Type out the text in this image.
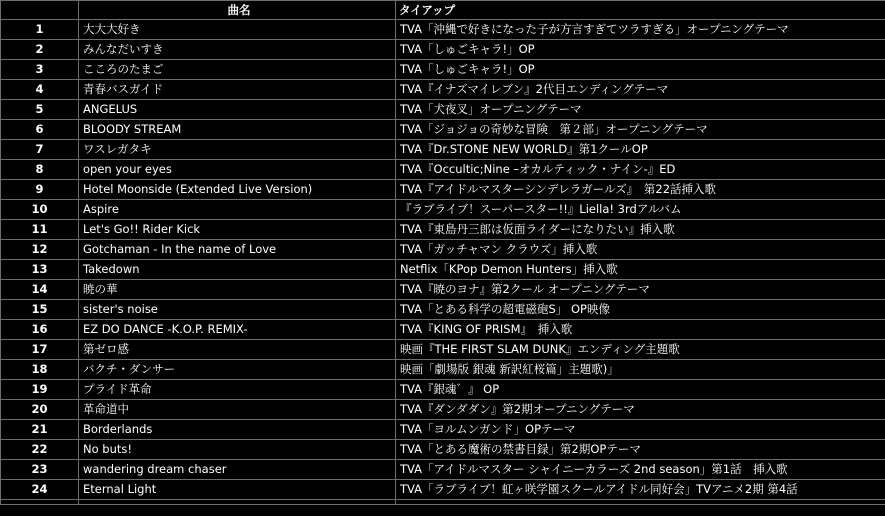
	曲名	タイアップ
1	大大大好き	TVA「沖縄で好きになった子が方言すぎてツラすぎる」オープニングテーマ
2	みんなだいすき	TVA「しゅごキャラ!」OP
3	こころのたまご	TVA「しゅごキャラ!」OP
4	青春バスガイド	TVA『イナズマイレブン』2代目エンディングテーマ
5	ANGELUS	TVA「犬夜叉」オープニングテーマ
6	BLOODY STREAM	TVA「ジョジョの奇妙な冒険　第２部」オープニングテーマ
7	ワスレガタキ	TVA『Dr.STONE NEW WORLD』第1クールOP
8	open your eyes	TVA『Occultic;Nine –オカルティック・ナイン-』ED
9	Hotel Moonside (Extended Live Version)	TVA『アイドルマスターシンデレラガールズ』　第22話挿入歌
10	Aspire	『ラブライブ！スーパースター!!』Liella! 3rdアルバム
11	Let's Go!! Rider Kick	TVA『東島丹三郎は仮面ライダーになりたい』挿入歌
12	Gotchaman - In the name of Love	TVA「ガッチャマン クラウズ」挿入歌
13	Takedown	Netflix「KPop Demon Hunters」挿入歌
14	暁の華	TVA『暁のヨナ』第2クール オープニングテーマ
15	sister's noise	TVA「とある科学の超電磁砲S」 OP映像
16	EZ DO DANCE -K.O.P. REMIX-	TVA『KING OF PRISM』　挿入歌
17	第ゼロ感	映画『THE FIRST SLAM DUNK』エンディング主題歌
18	バクチ・ダンサー	映画「劇場版 銀魂 新訳紅桜篇」主題歌)」
19	プライド革命	TVA『銀魂゛』 OP
20	革命道中	TVA『ダンダダン』第2期オープニングテーマ
21	Borderlands	TVA「ヨルムンガンド」OPテーマ
22	No buts!	TVA「とある魔術の禁書目録」第2期OPテーマ
23	wandering dream chaser	TVA「アイドルマスター シャイニーカラーズ 2nd season」第1話　挿入歌
24	Eternal Light	TVA「ラブライブ！虹ヶ咲学園スクールアイドル同好会」TVアニメ2期 第4話
